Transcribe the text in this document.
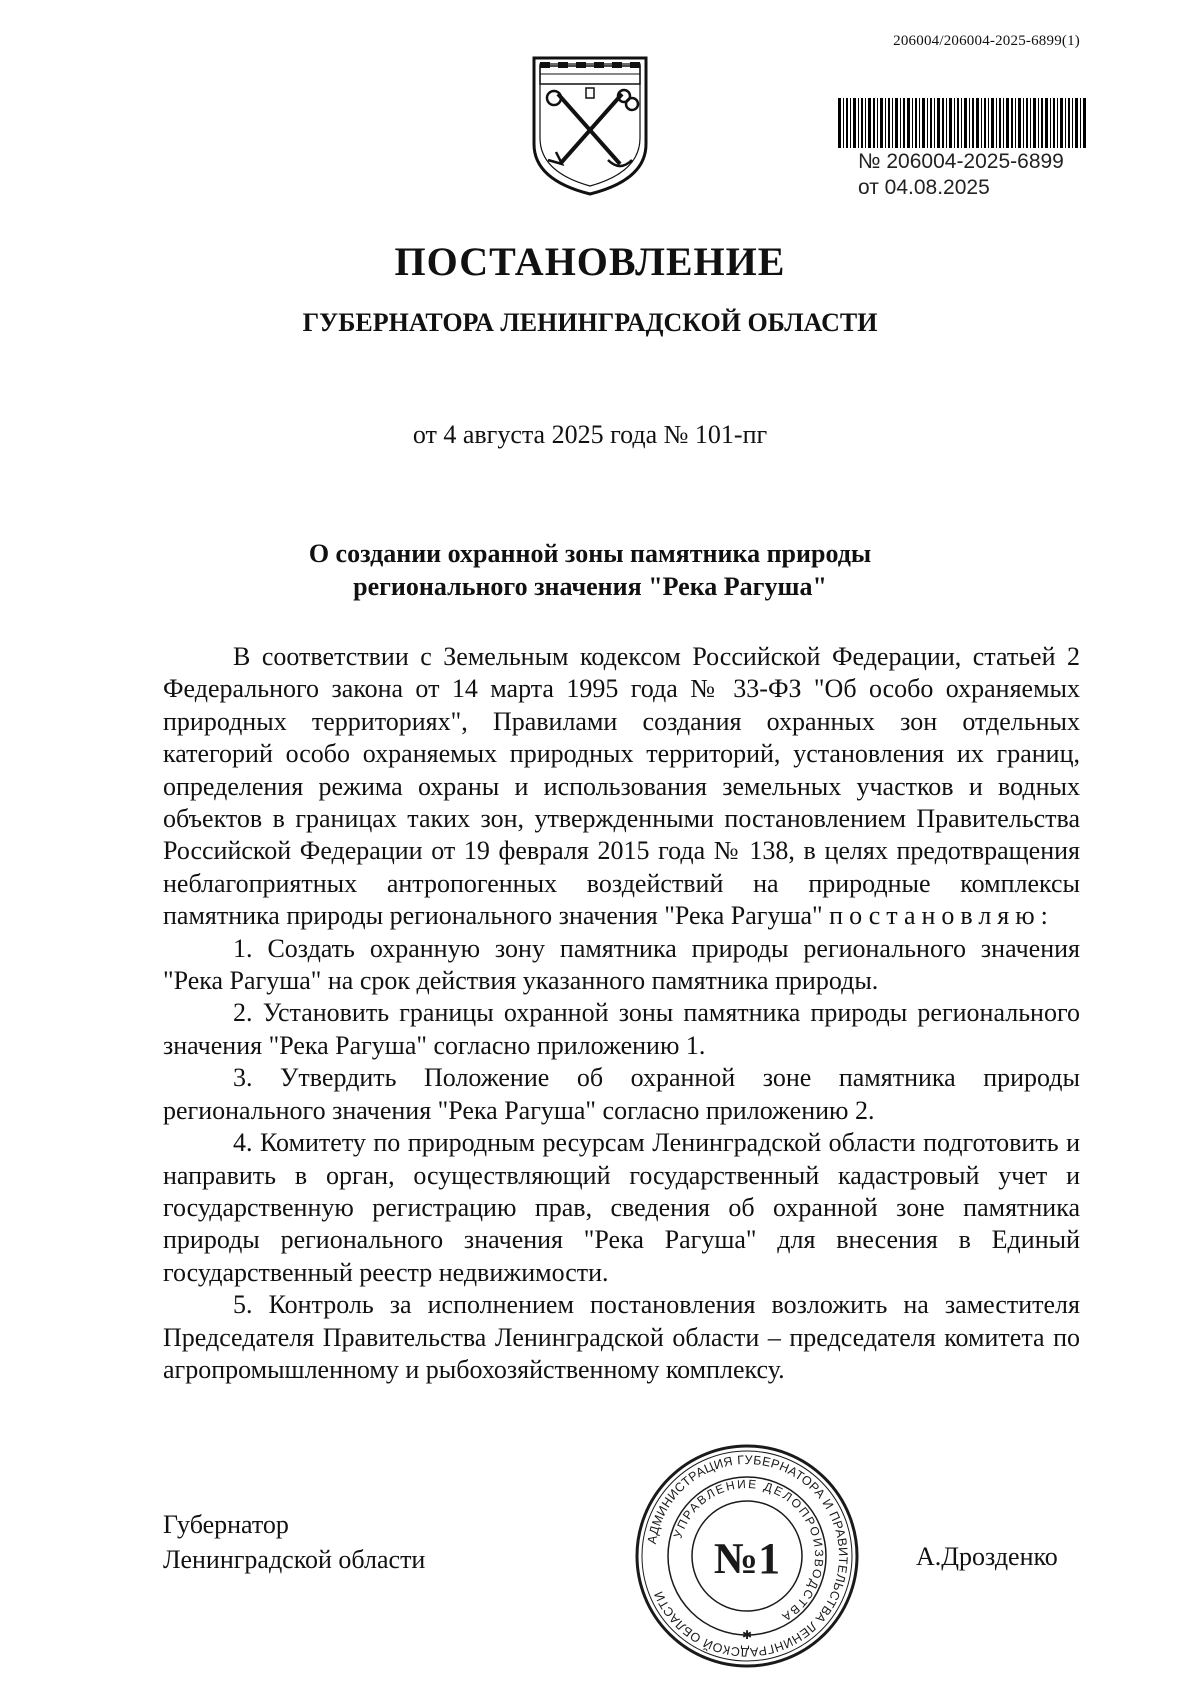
206004/206004-2025-6899(1)
№ 206004-2025-6899
от 04.08.2025
ПОСТАНОВЛЕНИЕ
ГУБЕРНАТОРА ЛЕНИНГРАДСКОЙ ОБЛАСТИ
от 4 августа 2025 года № 101-пг
О создании охранной зоны памятника природы
регионального значения "Река Рагуша"

В соответствии с Земельным кодексом Российской Федерации, статьей 2 Федерального закона от 14 марта 1995 года № 33-ФЗ "Об особо охраняемых природных территориях", Правилами создания охранных зон отдельных категорий особо охраняемых природных территорий, установления их границ, определения режима охраны и использования земельных участков и водных объектов в границах таких зон, утвержденными постановлением Правительства Российской Федерации от 19 февраля 2015 года № 138, в целях предотвращения неблагоприятных антропогенных воздействий на природные комплексы памятника природы регионального значения "Река Рагуша" постановляю:

1. Создать охранную зону памятника природы регионального значения "Река Рагуша" на срок действия указанного памятника природы.

2. Установить границы охранной зоны памятника природы регионального значения "Река Рагуша" согласно приложению 1.

3. Утвердить Положение об охранной зоне памятника природы регионального значения "Река Рагуша" согласно приложению 2.

4. Комитету по природным ресурсам Ленинградской области подготовить и направить в орган, осуществляющий государственный кадастровый учет и государственную регистрацию прав, сведения об охранной зоне памятника природы регионального значения "Река Рагуша" для внесения в Единый государственный реестр недвижимости.

5. Контроль за исполнением постановления возложить на заместителя Председателя Правительства Ленинградской области – председателя комитета по агропромышленному и рыбохозяйственному комплексу.

Губернатор
Ленинградской области	А.Дрозденко
АДМИНИСТРАЦИЯ ГУБЕРНАТОРА И ПРАВИТЕЛЬСТВА ЛЕНИНГРАДСКОЙ ОБЛАСТИ
УПРАВЛЕНИЕ ДЕЛОПРОИЗВОДСТВА
№1
✱
